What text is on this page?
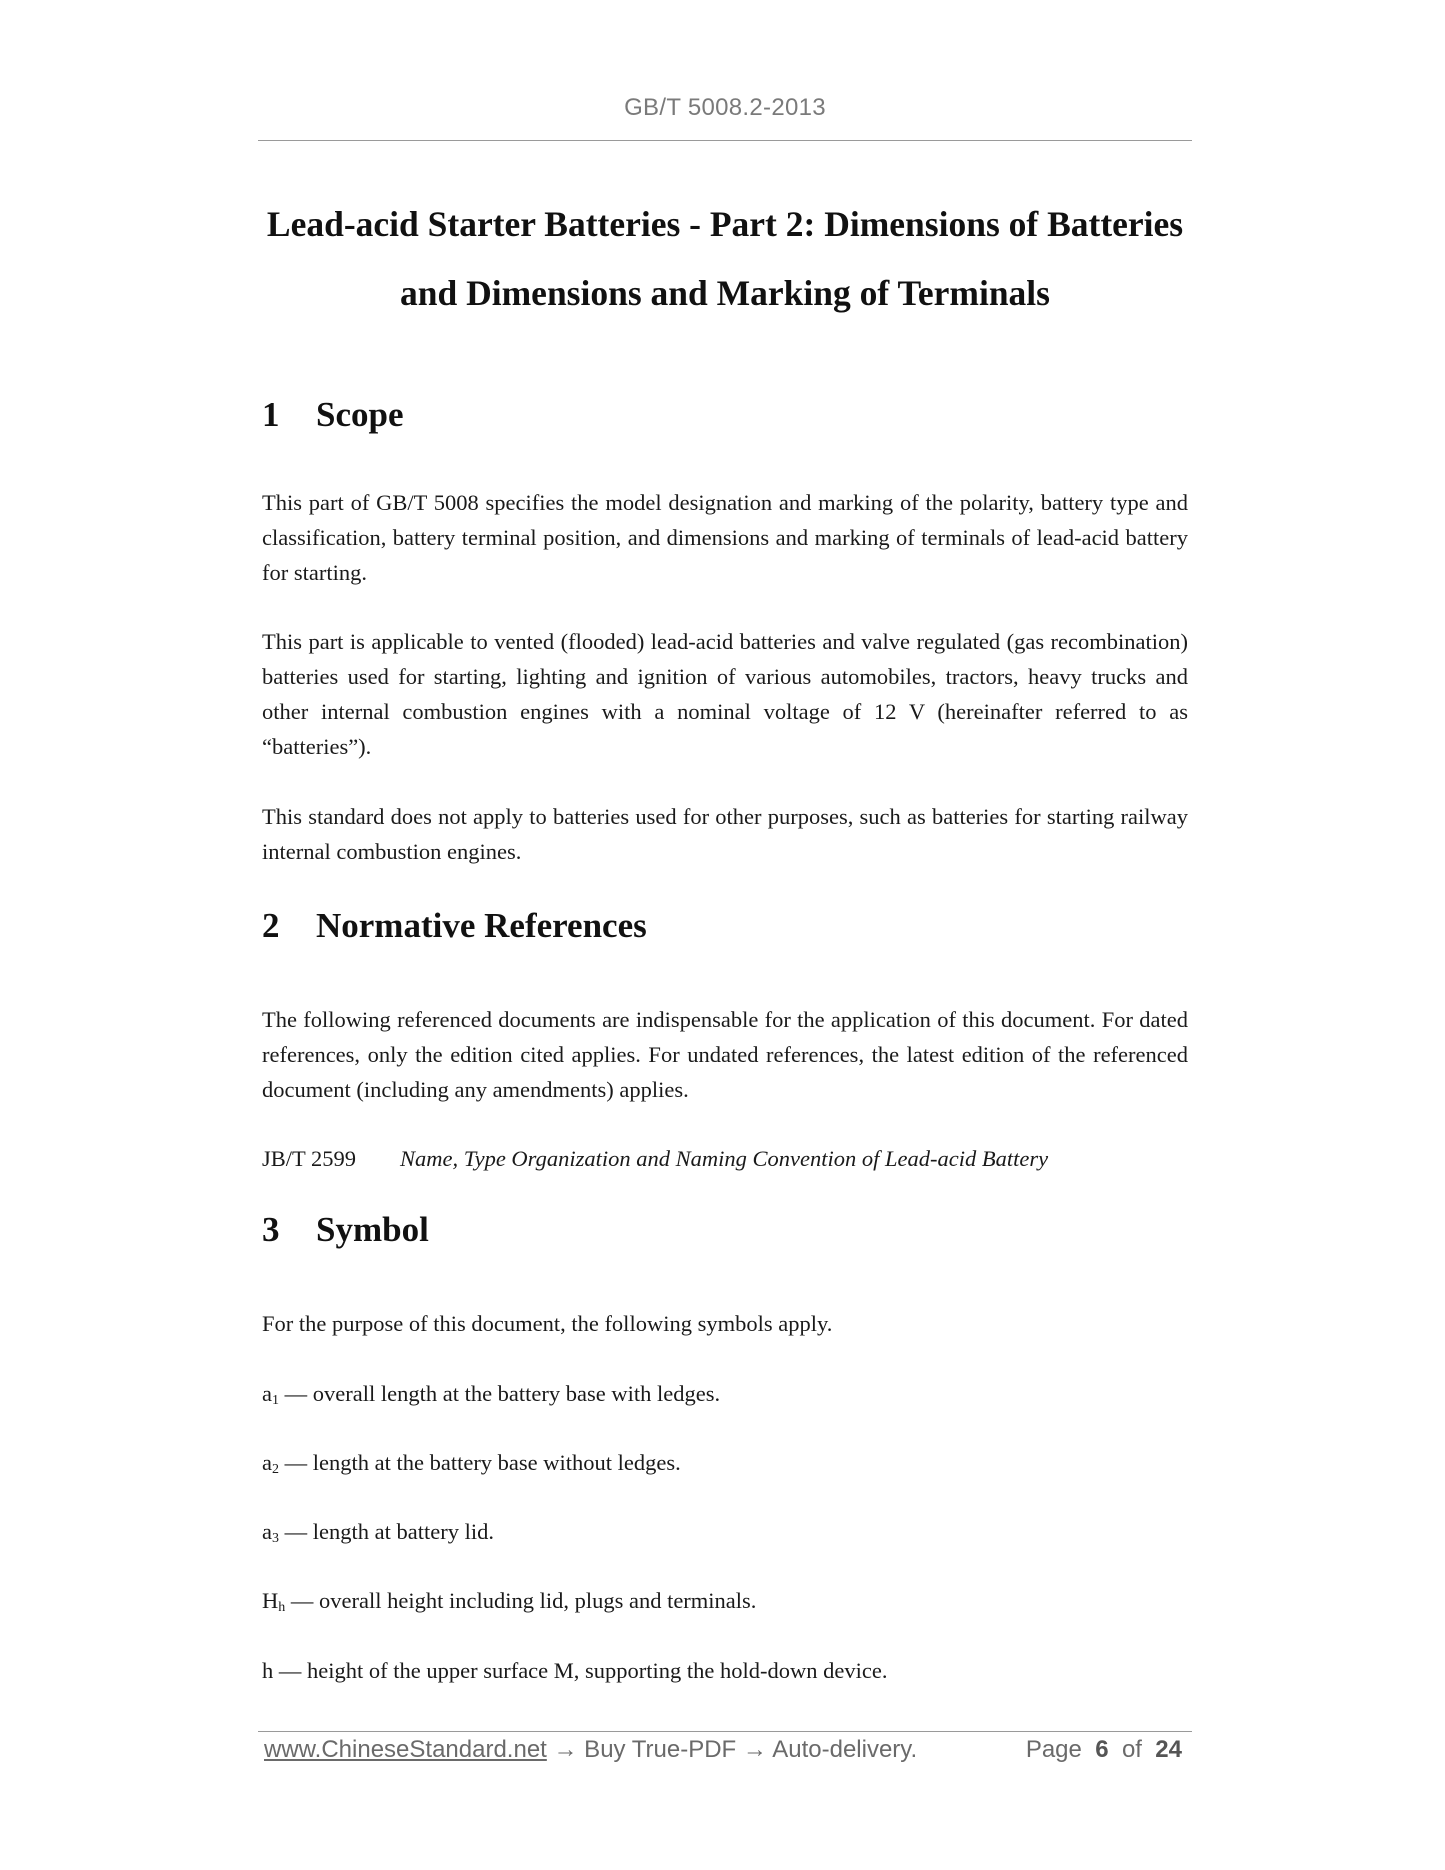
GB/T 5008.2-2013
Lead-acid Starter Batteries - Part 2: Dimensions of Batteries
and Dimensions and Marking of Terminals
1 Scope
This part of GB/T 5008 specifies the model designation and marking of the polarity, battery type and classification, battery terminal position, and dimensions and marking of terminals of lead-acid battery for starting.
This part is applicable to vented (flooded) lead-acid batteries and valve regulated (gas recombination) batteries used for starting, lighting and ignition of various automobiles, tractors, heavy trucks and other internal combustion engines with a nominal voltage of 12 V (hereinafter referred to as “batteries”).
This standard does not apply to batteries used for other purposes, such as batteries for starting railway internal combustion engines.
2 Normative References
The following referenced documents are indispensable for the application of this document. For dated references, only the edition cited applies. For undated references, the latest edition of the referenced document (including any amendments) applies.
JB/T 2599 Name, Type Organization and Naming Convention of Lead-acid Battery
3 Symbol
For the purpose of this document, the following symbols apply.
$a_1$ — overall length at the battery base with ledges.
$a_2$ — length at the battery base without ledges.
$a_3$ — length at battery lid.
$H_h$ — overall height including lid, plugs and terminals.
h — height of the upper surface M, supporting the hold-down device.
www.ChineseStandard.net → Buy True-PDF → Auto-delivery.	Page 6 of 24
